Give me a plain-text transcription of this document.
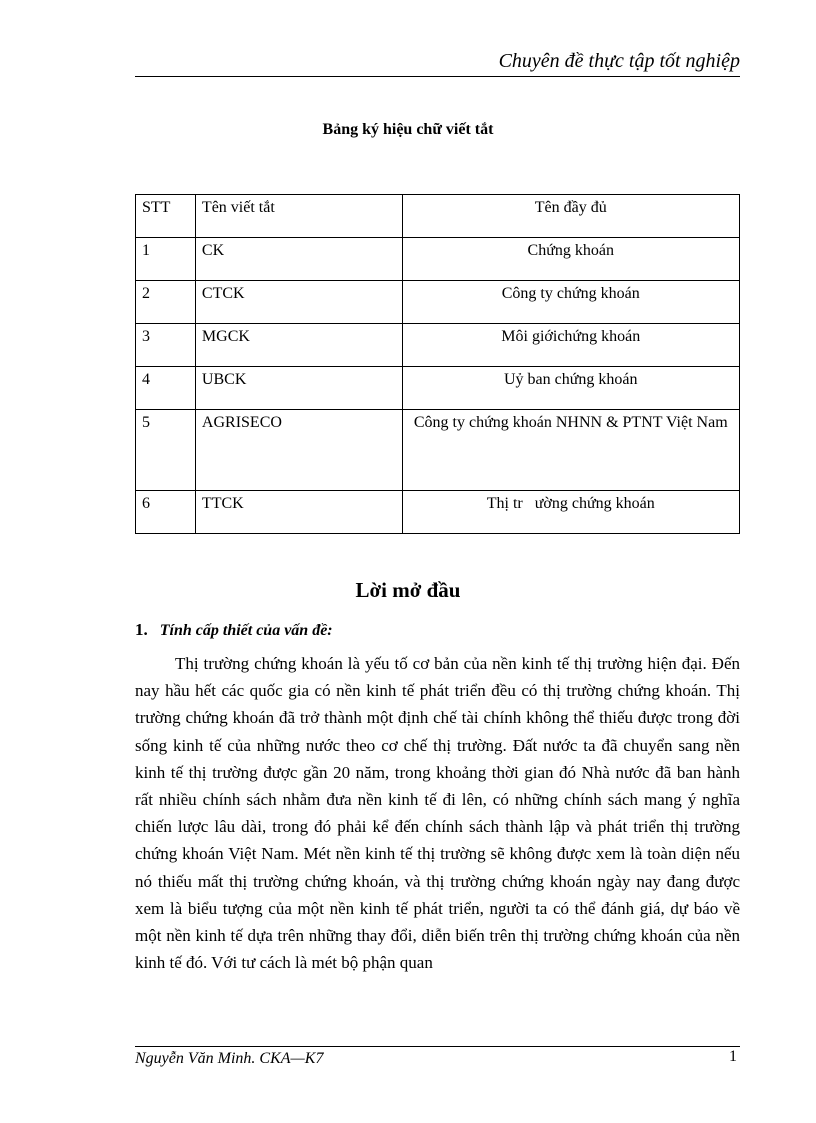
Chuyên đề thực tập tốt nghiệp
Bảng ký hiệu chữ viết tắt
STT	Tên viết tắt	Tên đầy đủ
1	CK	Chứng khoán
2	CTCK	Công ty chứng khoán
3	MGCK	Môi giớichứng khoán
4	UBCK	Uỷ ban chứng khoán
5	AGRISECO	Công ty chứng khoán NHNN & PTNT Việt Nam
6	TTCK	Thị tr   ường chứng khoán
Lời mở đầu
1. Tính cấp thiết của vấn đề:

Thị trường chứng khoán là yếu tố cơ bản của nền kinh tế thị trường hiện đại. Đến nay hầu hết các quốc gia có nền kinh tế phát triển đều có thị trường chứng khoán. Thị trường chứng khoán đã trở thành một định chế tài chính không thể thiếu được trong đời sống kinh tế của những nước theo cơ chế thị trường. Đất nước ta đã chuyển sang nền kinh tế thị trường được gần 20 năm, trong khoảng thời gian đó Nhà nước đã ban hành rất nhiều chính sách nhằm đưa nền kinh tế đi lên, có những chính sách mang ý nghĩa chiến lược lâu dài, trong đó phải kể đến chính sách thành lập và phát triển thị trường chứng khoán Việt Nam. Mét nền kinh tế thị trường sẽ không được xem là toàn diện nếu nó thiếu mất thị trường chứng khoán, và thị trường chứng khoán ngày nay đang được xem là biểu tượng của một nền kinh tế phát triển, người ta có thể đánh giá, dự báo về một nền kinh tế dựa trên những thay đổi, diễn biến trên thị trường chứng khoán của nền kinh tế đó. Với tư cách là mét bộ phận quan

Nguyễn Văn Minh. CKA—K7	1
